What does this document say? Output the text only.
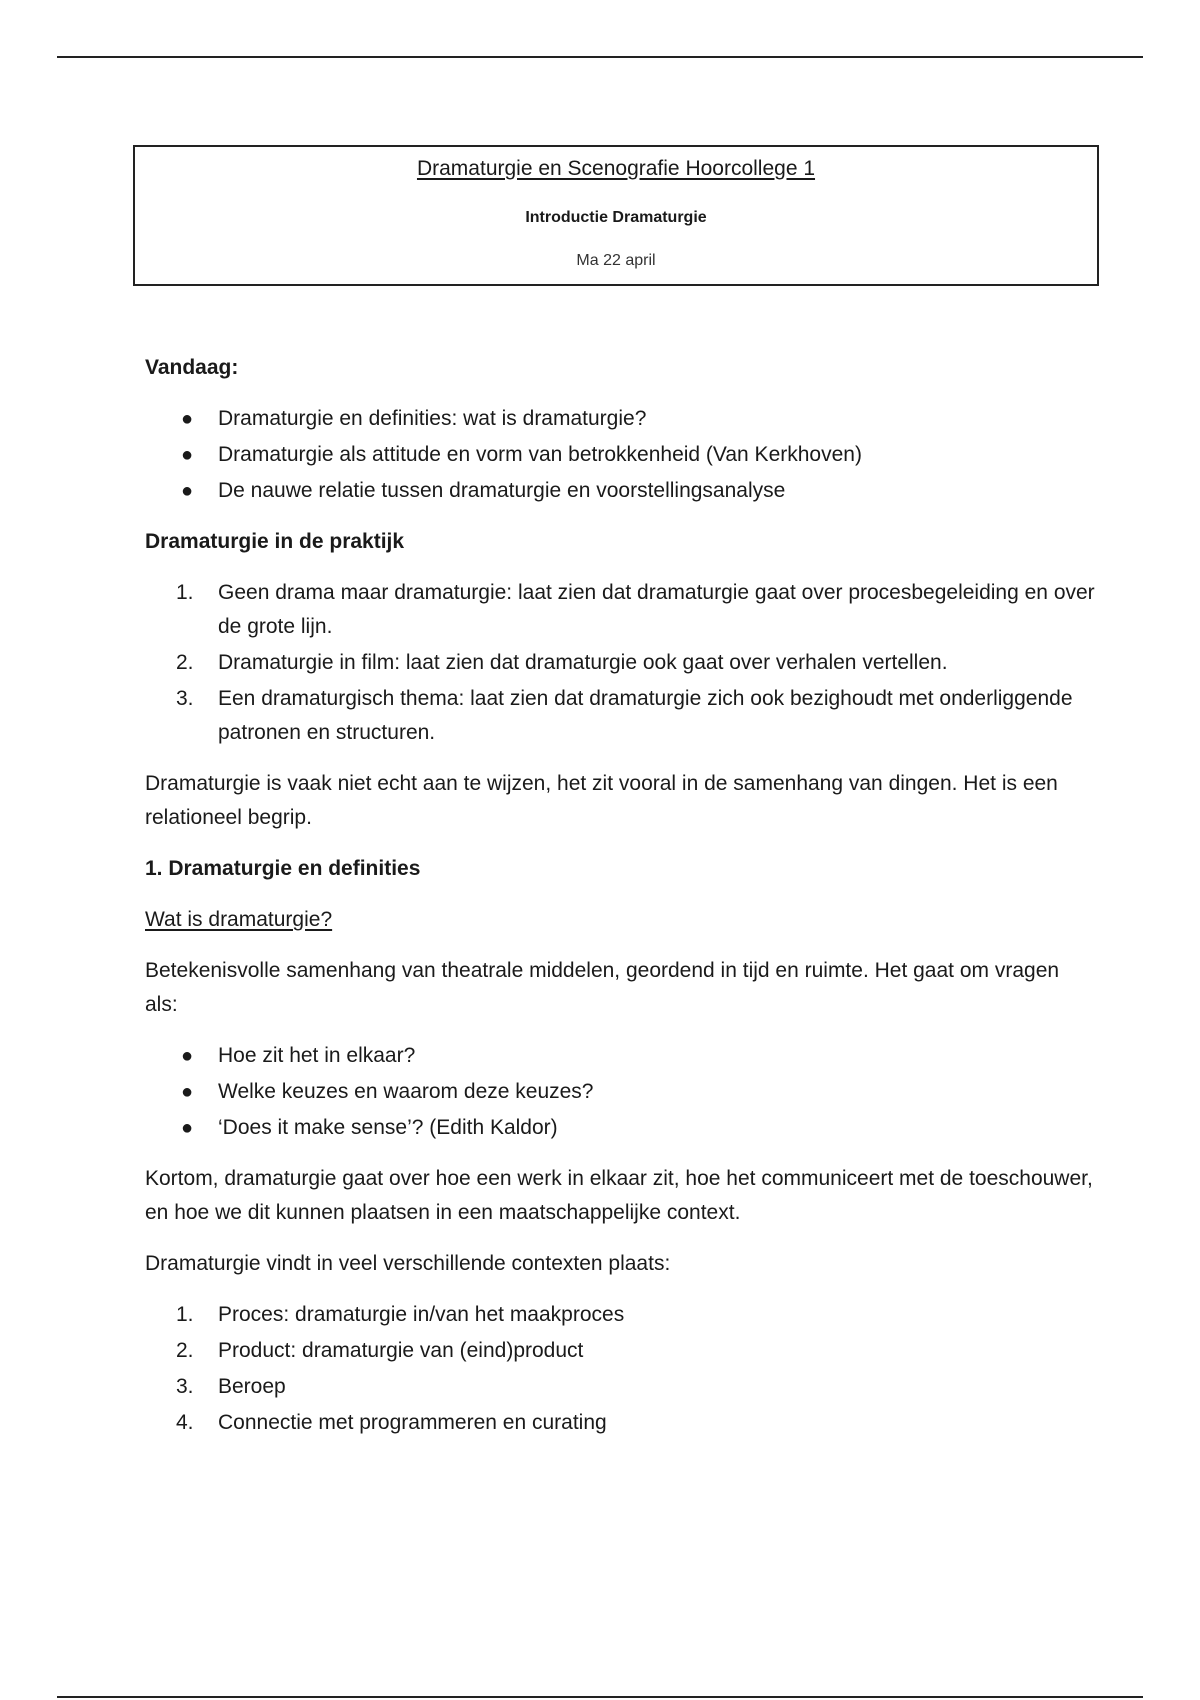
Dramaturgie en Scenografie Hoorcollege 1
Introductie Dramaturgie
Ma 22 april
Vandaag:
●	Dramaturgie en definities: wat is dramaturgie?
●	Dramaturgie als attitude en vorm van betrokkenheid (Van Kerkhoven)
●	De nauwe relatie tussen dramaturgie en voorstellingsanalyse
Dramaturgie in de praktijk
1.	Geen drama maar dramaturgie: laat zien dat dramaturgie gaat over procesbegeleiding en over de grote lijn.
2.	Dramaturgie in film: laat zien dat dramaturgie ook gaat over verhalen vertellen.
3.	Een dramaturgisch thema: laat zien dat dramaturgie zich ook bezighoudt met onderliggende patronen en structuren.

Dramaturgie is vaak niet echt aan te wijzen, het zit vooral in de samenhang van dingen. Het is een relationeel begrip.

1. Dramaturgie en definities
Wat is dramaturgie?

Betekenisvolle samenhang van theatrale middelen, geordend in tijd en ruimte. Het gaat om vragen als:

●	Hoe zit het in elkaar?
●	Welke keuzes en waarom deze keuzes?
●	‘Does it make sense’? (Edith Kaldor)

Kortom, dramaturgie gaat over hoe een werk in elkaar zit, hoe het communiceert met de toeschouwer, en hoe we dit kunnen plaatsen in een maatschappelijke context.

Dramaturgie vindt in veel verschillende contexten plaats:

1.	Proces: dramaturgie in/van het maakproces
2.	Product: dramaturgie van (eind)product
3.	Beroep
4.	Connectie met programmeren en curating
